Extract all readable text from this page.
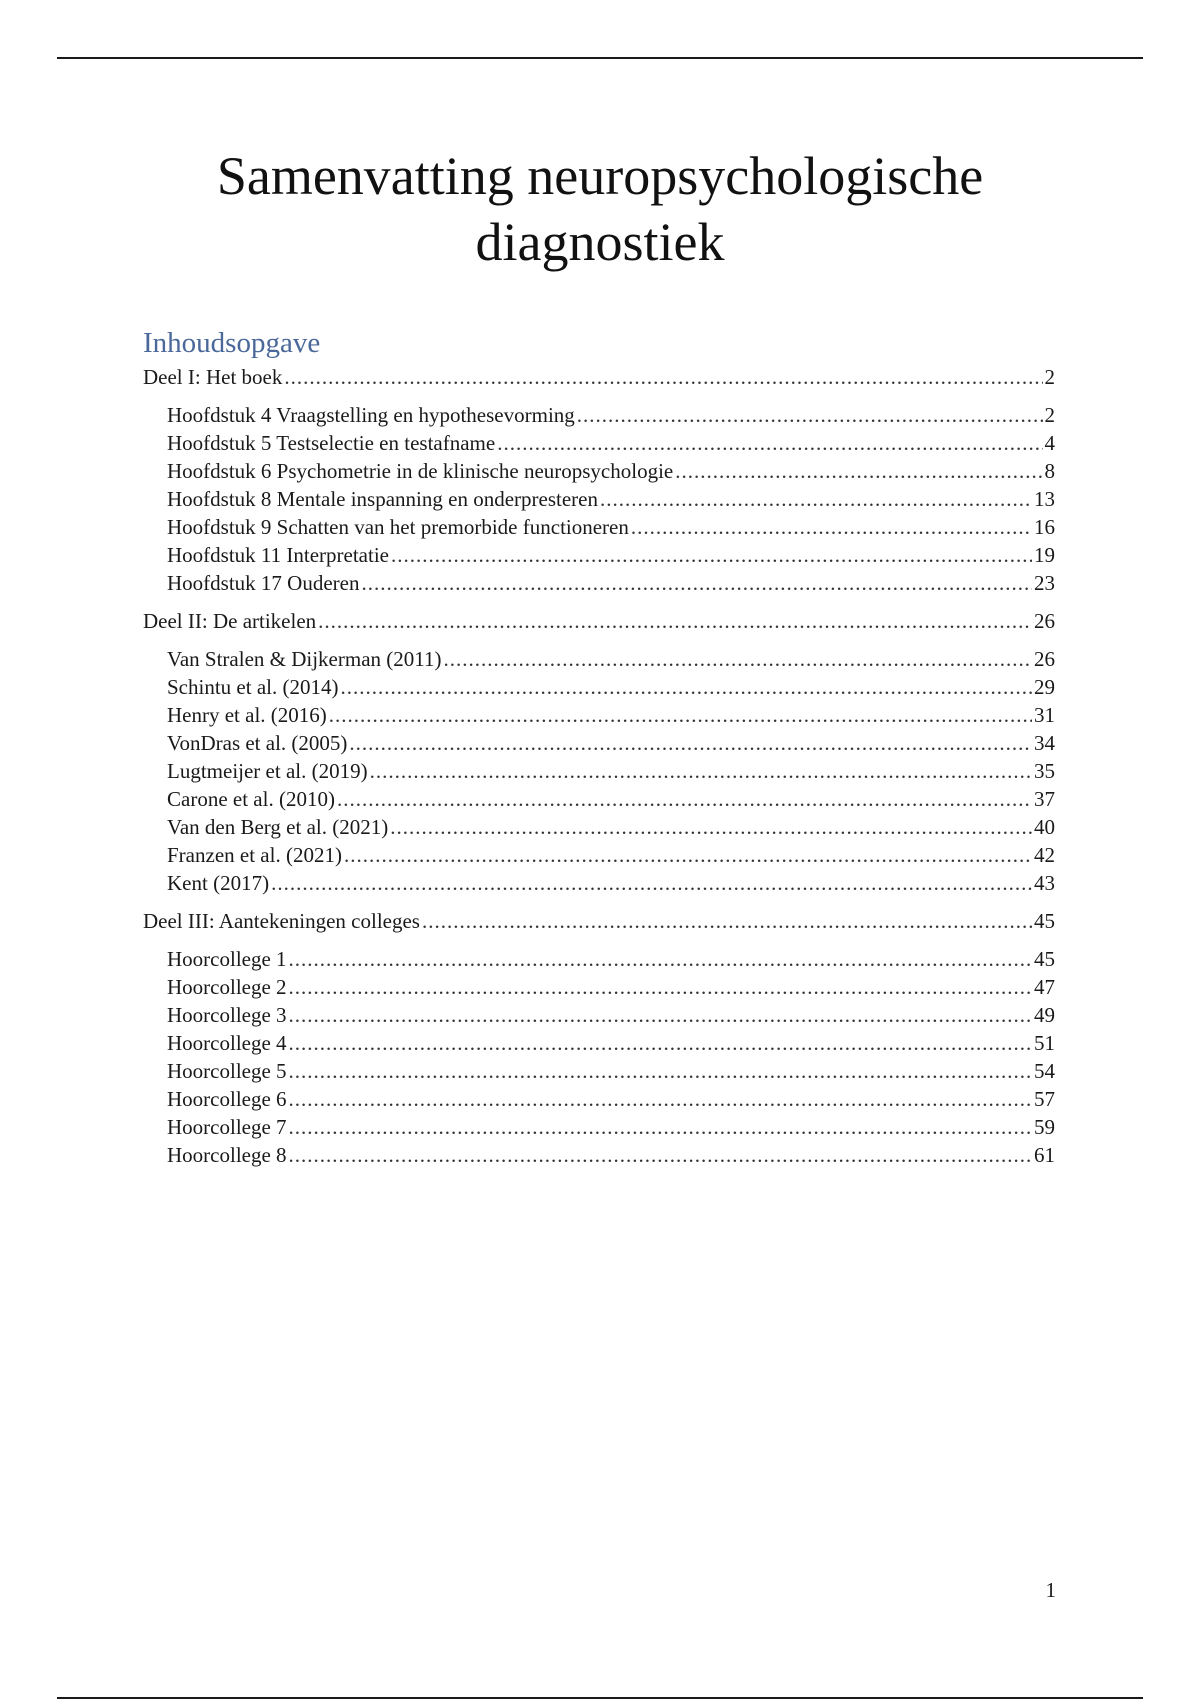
Samenvatting neuropsychologische
diagnostiek
Inhoudsopgave
Deel I: Het boek .....	2
Hoofdstuk 4 Vraagstelling en hypothesevorming .....	2
Hoofdstuk 5 Testselectie en testafname .....	4
Hoofdstuk 6 Psychometrie in de klinische neuropsychologie .....	8
Hoofdstuk 8 Mentale inspanning en onderpresteren .....	13
Hoofdstuk 9 Schatten van het premorbide functioneren .....	16
Hoofdstuk 11 Interpretatie .....	19
Hoofdstuk 17 Ouderen .....	23
Deel II: De artikelen .....	26
Van Stralen & Dijkerman (2011) .....	26
Schintu et al. (2014) .....	29
Henry et al. (2016) .....	31
VonDras et al. (2005) .....	34
Lugtmeijer et al. (2019) .....	35
Carone et al. (2010) .....	37
Van den Berg et al. (2021) .....	40
Franzen et al. (2021) .....	42
Kent (2017) .....	43
Deel III: Aantekeningen colleges .....	45
Hoorcollege 1 .....	45
Hoorcollege 2 .....	47
Hoorcollege 3 .....	49
Hoorcollege 4 .....	51
Hoorcollege 5 .....	54
Hoorcollege 6 .....	57
Hoorcollege 7 .....	59
Hoorcollege 8 .....	61
1
